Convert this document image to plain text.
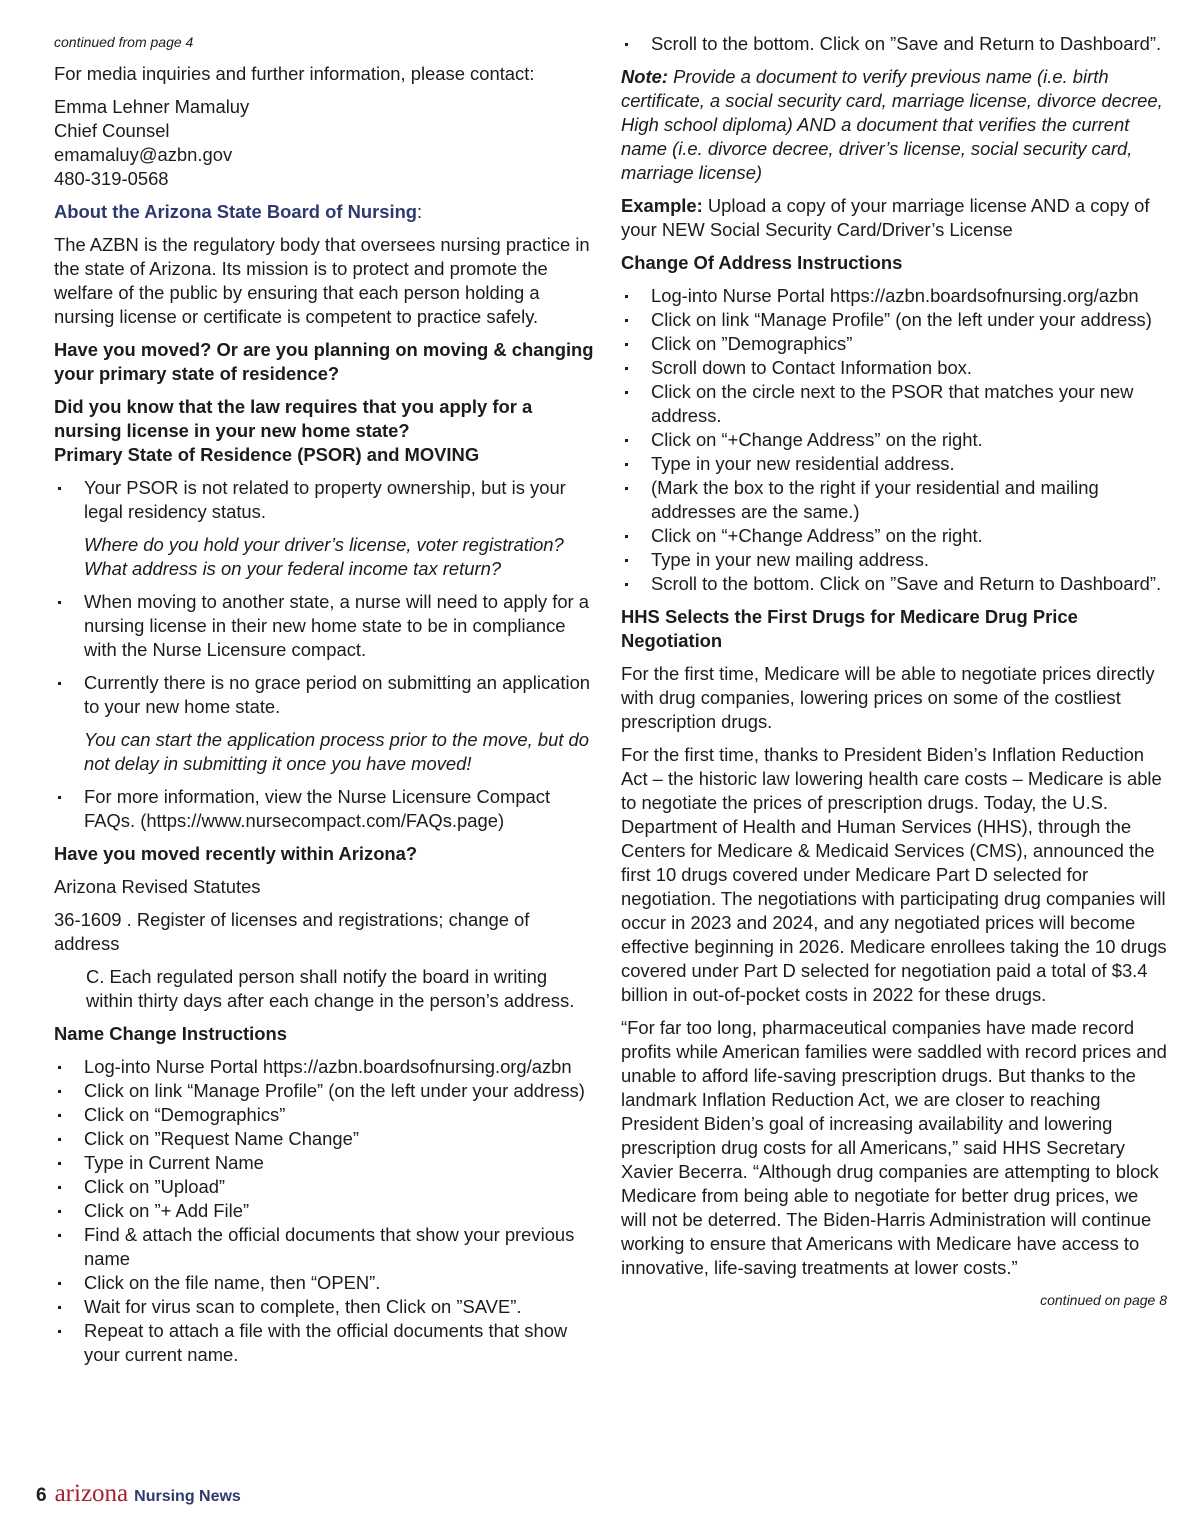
continued from page 4

For media inquiries and further information, please contact:

Emma Lehner Mamaluy
Chief Counsel
emamaluy@azbn.gov
480-319-0568

About the Arizona State Board of Nursing:

The AZBN is the regulatory body that oversees nursing practice in the state of Arizona. Its mission is to protect and promote the welfare of the public by ensuring that each person holding a nursing license or certificate is competent to practice safely.

Have you moved? Or are you planning on moving & changing your primary state of residence?

Did you know that the law requires that you apply for a nursing license in your new home state?
Primary State of Residence (PSOR) and MOVING

Your PSOR is not related to property ownership, but is your legal residency status.

Where do you hold your driver’s license, voter registration? What address is on your federal income tax return?

When moving to another state, a nurse will need to apply for a nursing license in their new home state to be in compliance with the Nurse Licensure compact.

Currently there is no grace period on submitting an application to your new home state.

You can start the application process prior to the move, but do not delay in submitting it once you have moved!

For more information, view the Nurse Licensure Compact FAQs. (https://www.nursecompact.com/FAQs.page)

Have you moved recently within Arizona?

Arizona Revised Statutes

36-1609 . Register of licenses and registrations; change of address

C. Each regulated person shall notify the board in writing within thirty days after each change in the person’s address.

Name Change Instructions

Log-into Nurse Portal https://azbn.boardsofnursing.org/azbn
Click on link “Manage Profile” (on the left under your address)
Click on “Demographics”
Click on ”Request Name Change”
Type in Current Name
Click on ”Upload”
Click on ”+ Add File”
Find & attach the official documents that show your previous name
Click on the file name, then “OPEN”.
Wait for virus scan to complete, then Click on ”SAVE”.
Repeat to attach a file with the official documents that show your current name.
Scroll to the bottom. Click on ”Save and Return to Dashboard”.

Note: Provide a document to verify previous name (i.e. birth certificate, a social security card, marriage license, divorce decree, High school diploma) AND a document that verifies the current name (i.e. divorce decree, driver’s license, social security card, marriage license)

Example: Upload a copy of your marriage license AND a copy of your NEW Social Security Card/Driver’s License

Change Of Address Instructions

Log-into Nurse Portal https://azbn.boardsofnursing.org/azbn
Click on link “Manage Profile” (on the left under your address)
Click on ”Demographics”
Scroll down to Contact Information box.
Click on the circle next to the PSOR that matches your new address.
Click on “+Change Address” on the right.
Type in your new residential address.
(Mark the box to the right if your residential and mailing addresses are the same.)
Click on “+Change Address” on the right.
Type in your new mailing address.
Scroll to the bottom. Click on ”Save and Return to Dashboard”.

HHS Selects the First Drugs for Medicare Drug Price Negotiation

For the first time, Medicare will be able to negotiate prices directly with drug companies, lowering prices on some of the costliest prescription drugs.

For the first time, thanks to President Biden’s Inflation Reduction Act – the historic law lowering health care costs – Medicare is able to negotiate the prices of prescription drugs. Today, the U.S. Department of Health and Human Services (HHS), through the Centers for Medicare & Medicaid Services (CMS), announced the first 10 drugs covered under Medicare Part D selected for negotiation. The negotiations with participating drug companies will occur in 2023 and 2024, and any negotiated prices will become effective beginning in 2026. Medicare enrollees taking the 10 drugs covered under Part D selected for negotiation paid a total of $3.4 billion in out-of-pocket costs in 2022 for these drugs.

“For far too long, pharmaceutical companies have made record profits while American families were saddled with record prices and unable to afford life-saving prescription drugs. But thanks to the landmark Inflation Reduction Act, we are closer to reaching President Biden’s goal of increasing availability and lowering prescription drug costs for all Americans,” said HHS Secretary Xavier Becerra. “Although drug companies are attempting to block Medicare from being able to negotiate for better drug prices, we will not be deterred. The Biden-Harris Administration will continue working to ensure that Americans with Medicare have access to innovative, life-saving treatments at lower costs.”

continued on page 8
6 arizona Nursing News
